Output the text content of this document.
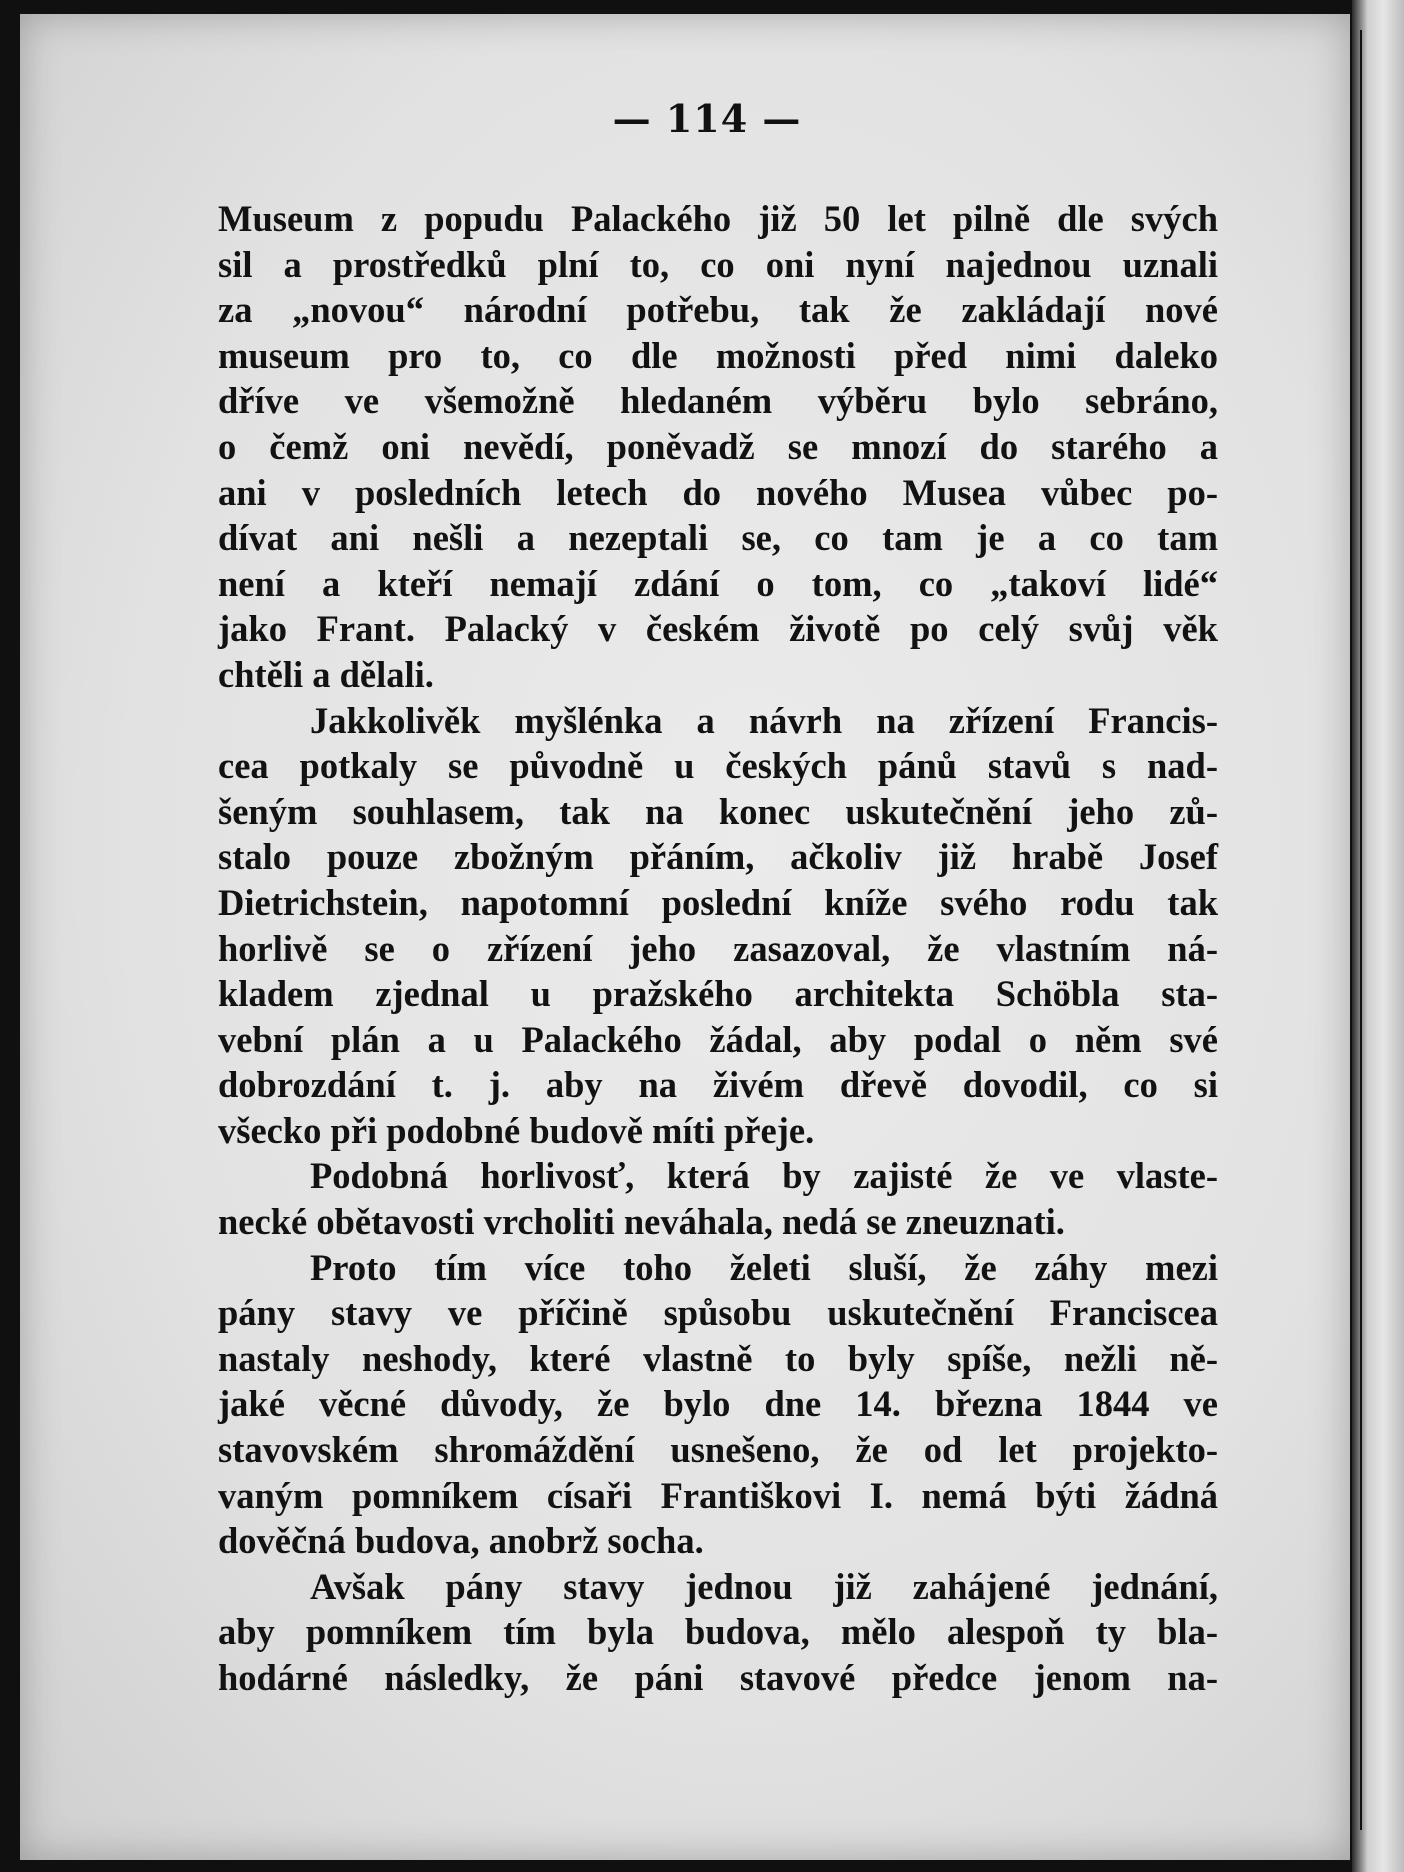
— 114 —
Museum z popudu Palackého již 50 let pilně dle svých
sil a prostředků plní to, co oni nyní najednou uznali
za „novou“ národní potřebu, tak že zakládají nové
museum pro to, co dle možnosti před nimi daleko
dříve ve všemožně hledaném výběru bylo sebráno,
o čemž oni nevědí, poněvadž se mnozí do starého a
ani v posledních letech do nového Musea vůbec po-
dívat ani nešli a nezeptali se, co tam je a co tam
není a kteří nemají zdání o tom, co „takoví lidé“
jako Frant. Palacký v českém životě po celý svůj věk
chtěli a dělali.
Jakkolivěk myšlénka a návrh na zřízení Francis-
cea potkaly se původně u českých pánů stavů s nad-
šeným souhlasem, tak na konec uskutečnění jeho zů-
stalo pouze zbožným přáním, ačkoliv již hrabě Josef
Dietrichstein, napotomní poslední kníže svého rodu tak
horlivě se o zřízení jeho zasazoval, že vlastním ná-
kladem zjednal u pražského architekta Schöbla sta-
vební plán a u Palackého žádal, aby podal o něm své
dobrozdání t. j. aby na živém dřevě dovodil, co si
všecko při podobné budově míti přeje.
Podobná horlivosť, která by zajisté že ve vlaste-
necké obětavosti vrcholiti neváhala, nedá se zneuznati.
Proto tím více toho želeti sluší, že záhy mezi
pány stavy ve příčině spůsobu uskutečnění Franciscea
nastaly neshody, které vlastně to byly spíše, nežli ně-
jaké věcné důvody, že bylo dne 14. března 1844 ve
stavovském shromáždění usnešeno, že od let projekto-
vaným pomníkem císaři Františkovi I. nemá býti žádná
dověčná budova, anobrž socha.
Avšak pány stavy jednou již zahájené jednání,
aby pomníkem tím byla budova, mělo alespoň ty bla-
hodárné následky, že páni stavové předce jenom na-
